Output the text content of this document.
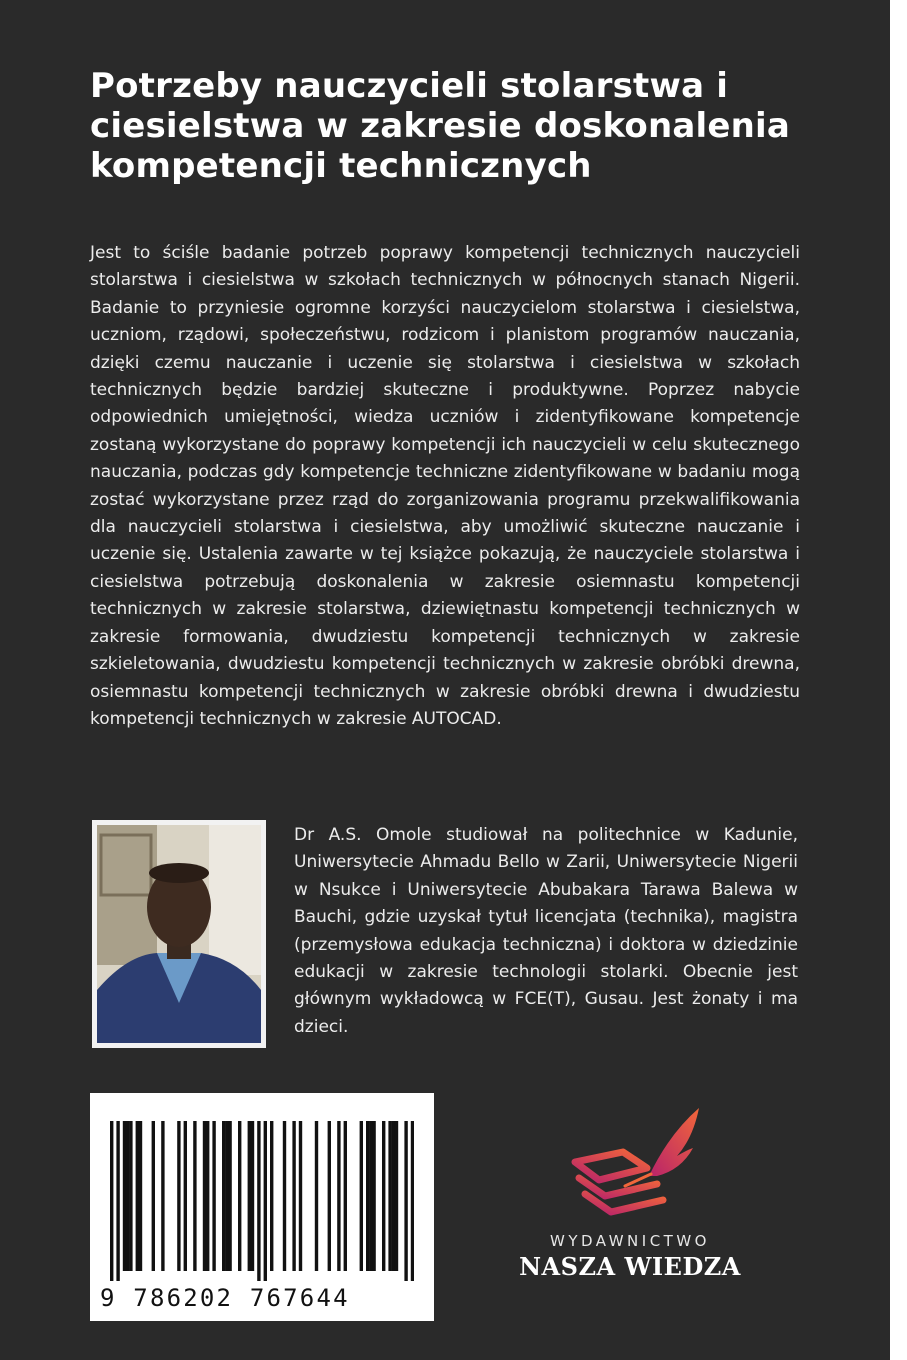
Potrzeby nauczycieli stolarstwa i ciesielstwa w zakresie doskonalenia kompetencji technicznych

Jest to ściśle badanie potrzeb poprawy kompetencji technicznych nauczycieli stolarstwa i ciesielstwa w szkołach technicznych w północnych stanach Nigerii. Badanie to przyniesie ogromne korzyści nauczycielom stolarstwa i ciesielstwa, uczniom, rządowi, społeczeństwu, rodzicom i planistom programów nauczania, dzięki czemu nauczanie i uczenie się stolarstwa i ciesielstwa w szkołach technicznych będzie bardziej skuteczne i produktywne. Poprzez nabycie odpowiednich umiejętności, wiedza uczniów i zidentyfikowane kompetencje zostaną wykorzystane do poprawy kompetencji ich nauczycieli w celu skutecznego nauczania, podczas gdy kompetencje techniczne zidentyfikowane w badaniu mogą zostać wykorzystane przez rząd do zorganizowania programu przekwalifikowania dla nauczycieli stolarstwa i ciesielstwa, aby umożliwić skuteczne nauczanie i uczenie się. Ustalenia zawarte w tej książce pokazują, że nauczyciele stolarstwa i ciesielstwa potrzebują doskonalenia w zakresie osiemnastu kompetencji technicznych w zakresie stolarstwa, dziewiętnastu kompetencji technicznych w zakresie formowania, dwudziestu kompetencji technicznych w zakresie szkieletowania, dwudziestu kompetencji technicznych w zakresie obróbki drewna, osiemnastu kompetencji technicznych w zakresie obróbki drewna i dwudziestu kompetencji technicznych w zakresie AUTOCAD.

Dr A.S. Omole studiował na politechnice w Kadunie, Uniwersytecie Ahmadu Bello w Zarii, Uniwersytecie Nigerii w Nsukce i Uniwersytecie Abubakara Tarawa Balewa w Bauchi, gdzie uzyskał tytuł licencjata (technika), magistra (przemysłowa edukacja techniczna) i doktora w dziedzinie edukacji w zakresie technologii stolarki. Obecnie jest głównym wykładowcą w FCE(T), Gusau. Jest żonaty i ma dzieci.

9 786202 767644
WYDAWNICTWO
NASZA WIEDZA
